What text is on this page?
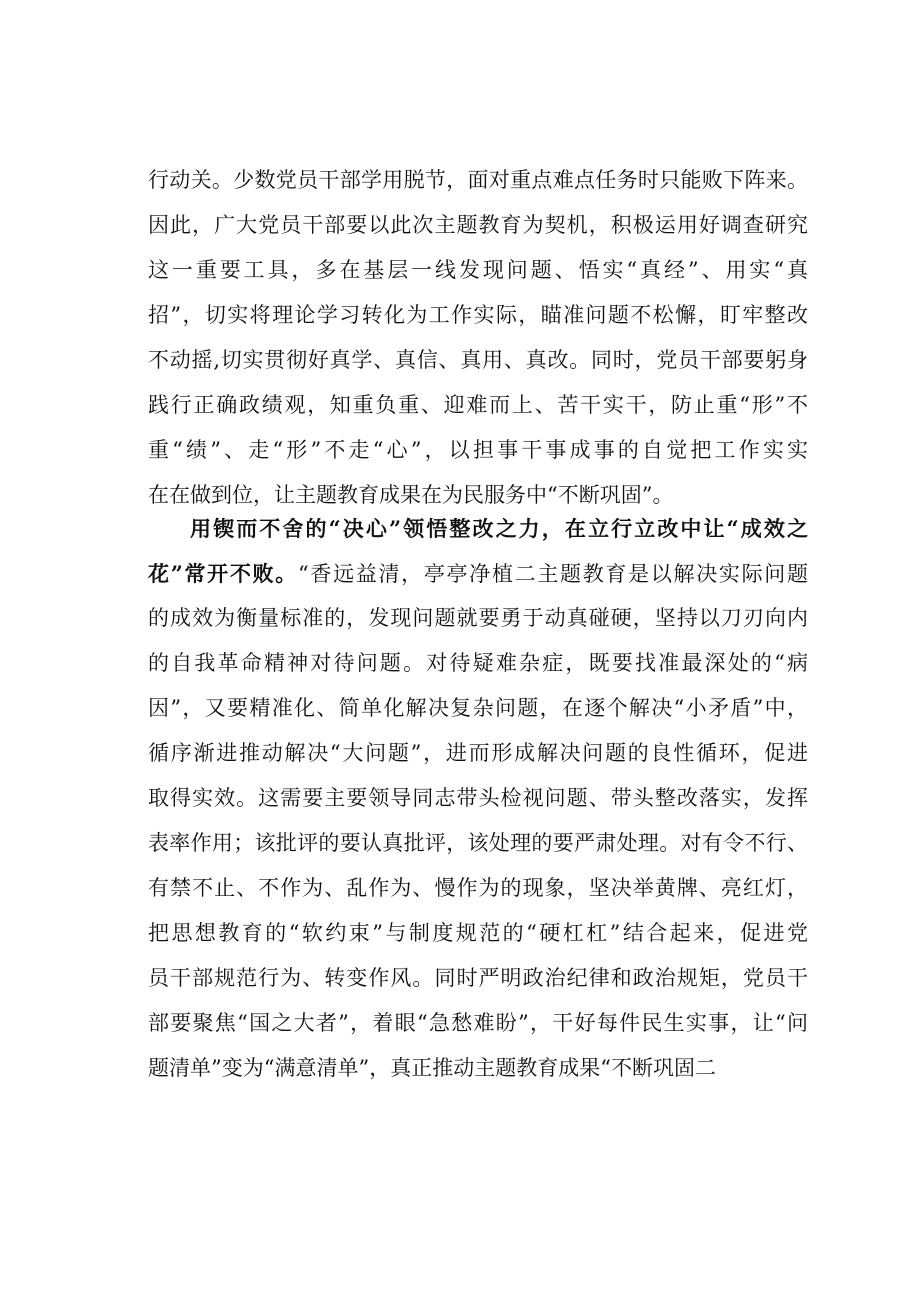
行动关。少数党员干部学用脱节，面对重点难点任务时只能败下阵来。
因此，广大党员干部要以此次主题教育为契机，积极运用好调查研究
这一重要工具，多在基层一线发现问题、悟实“真经”、用实“真
招”，切实将理论学习转化为工作实际，瞄准问题不松懈，盯牢整改
不动摇,切实贯彻好真学、真信、真用、真改。同时，党员干部要躬身
践行正确政绩观，知重负重、迎难而上、苦干实干，防止重“形”不
重“绩”、走“形”不走“心”，以担事干事成事的自觉把工作实实
在在做到位，让主题教育成果在为民服务中“不断巩固”。
用锲而不舍的“决心”领悟整改之力，在立行立改中让“成效之
花”常开不败。“香远益清，亭亭净植二主题教育是以解决实际问题
的成效为衡量标准的，发现问题就要勇于动真碰硬，坚持以刀刃向内
的自我革命精神对待问题。对待疑难杂症，既要找准最深处的“病
因”，又要精准化、简单化解决复杂问题，在逐个解决“小矛盾”中，
循序渐进推动解决“大问题”，进而形成解决问题的良性循环，促进
取得实效。这需要主要领导同志带头检视问题、带头整改落实，发挥
表率作用；该批评的要认真批评，该处理的要严肃处理。对有令不行、
有禁不止、不作为、乱作为、慢作为的现象，坚决举黄牌、亮红灯，
把思想教育的“软约束”与制度规范的“硬杠杠”结合起来，促进党
员干部规范行为、转变作风。同时严明政治纪律和政治规矩，党员干
部要聚焦“国之大者”，着眼“急愁难盼”，干好每件民生实事，让“问
题清单”变为“满意清单”，真正推动主题教育成果“不断巩固二
